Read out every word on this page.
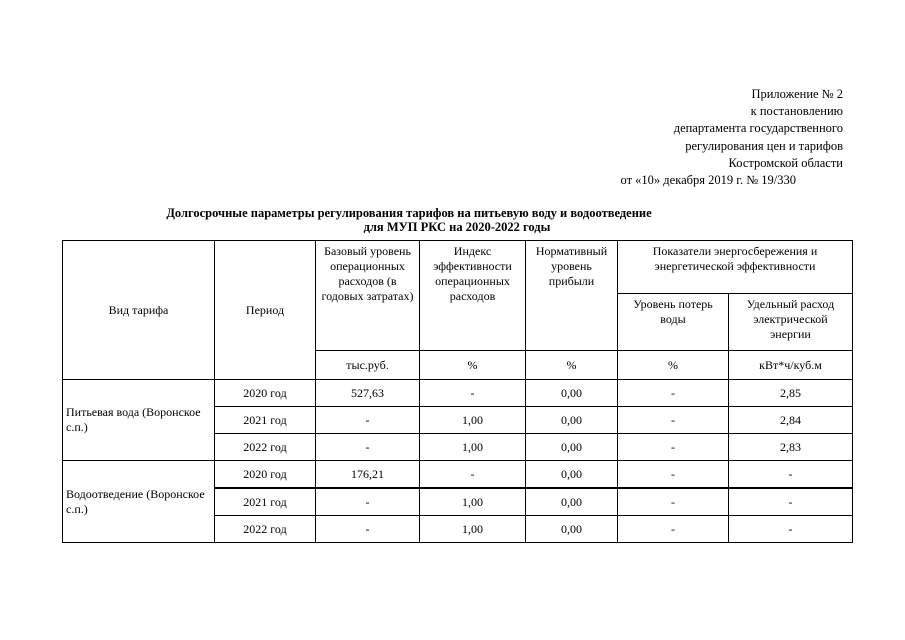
Приложение № 2
к постановлению
департамента государственного
регулирования цен и тарифов
Костромской области
от «10» декабря 2019 г. № 19/330
Долгосрочные параметры регулирования тарифов на питьевую воду и водоотведение
для МУП РКС на 2020-2022 годы
Вид тарифа	Период	Базовый уровень операционных расходов (в годовых затратах)	Индекс эффективности операционных расходов	Нормативный уровень прибыли	Показатели энергосбережения и энергетической эффективности	
					Уровень потерь воды	Удельный расход электрической энергии
		тыс.руб.	%	%	%	кВт*ч/куб.м
Питьевая вода (Воронское с.п.)	2020 год	527,63	-	0,00	-	2,85
	2021 год	-	1,00	0,00	-	2,84
	2022 год	-	1,00	0,00	-	2,83
Водоотведение (Воронское с.п.)	2020 год	176,21	-	0,00	-	-
	2021 год	-	1,00	0,00	-	-
	2022 год	-	1,00	0,00	-	-
